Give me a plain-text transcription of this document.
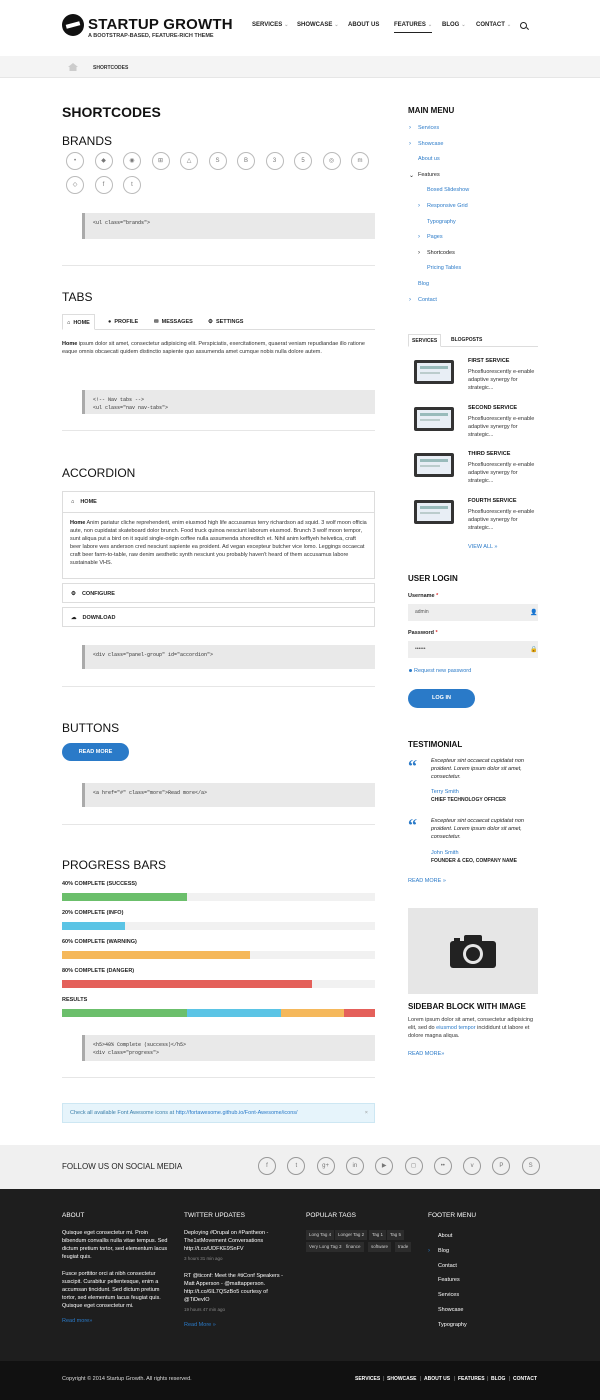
STARTUP GROWTH
A BOOTSTRAP-BASED, FEATURE-RICH THEME
SERVICES ⌄ SHOWCASE ⌄ ABOUT US FEATURES ⌄ BLOG ⌄ CONTACT ⌄
SHORTCODES
SHORTCODES
BRANDS
•	◆	◉	⊞	△	S	B	3	5	◎	m
◇	f	t
<ul class="brands">
TABS
⌂ HOME	● PROFILE	✉ MESSAGES	⚙ SETTINGS
Home ipsum dolor sit amet, consectetur adipisicing elit. Perspiciatis, exercitationem, quaerat veniam repudiandae illo ratione eaque omnis obcaecati quidem distinctio sapiente quo assumenda amet cumque nobis nulla dolore autem.
<!-- Nav tabs -->
<ul class="nav nav-tabs">
ACCORDION
⌂ HOME
Home Anim pariatur cliche reprehenderit, enim eiusmod high life accusamus terry richardson ad squid. 3 wolf moon officia aute, non cupidatat skateboard dolor brunch. Food truck quinoa nesciunt laborum eiusmod. Brunch 3 wolf moon tempor, sunt aliqua put a bird on it squid single-origin coffee nulla assumenda shoreditch et. Nihil anim keffiyeh helvetica, craft beer labore wes anderson cred nesciunt sapiente ea proident. Ad vegan excepteur butcher vice lomo. Leggings occaecat craft beer farm-to-table, raw denim aesthetic synth nesciunt you probably haven't heard of them accusamus labore sustainable VHS.
⚙ CONFIGURE
☁ DOWNLOAD
<div class="panel-group" id="accordion">
BUTTONS
READ MORE
<a href="#" class="more">Read more</a>
PROGRESS BARS
40% COMPLETE (SUCCESS)
20% COMPLETE (INFO)
60% COMPLETE (WARNING)
80% COMPLETE (DANGER)
RESULTS
<h5>40% Complete (success)</h5>
<div class="progress">
Check all available Font Awesome icons at http://fortawesome.github.io/Font-Awesome/icons/	×
MAIN MENU
› Services
› Showcase
About us
⌄ Features
Boxed Slideshow
› Responsive Grid
Typography
› Pages
› Shortcodes
Pricing Tables
Blog
› Contact
SERVICES	BLOGPOSTS
FIRST SERVICE
Phosfluorescently e-enable adaptive synergy for strategic...
SECOND SERVICE
Phosfluorescently e-enable adaptive synergy for strategic...
THIRD SERVICE
Phosfluorescently e-enable adaptive synergy for strategic...
FOURTH SERVICE
Phosfluorescently e-enable adaptive synergy for strategic...
VIEW ALL »
USER LOGIN
Username *
admin	👤
Password *
••••••	🔒
Request new password
LOG IN
TESTIMONIAL
“	Excepteur sint occaecat cupidatat non proident. Lorem ipsum dolor sit amet, consectetur.
Terry Smith
CHIEF TECHNOLOGY OFFICER
“	Excepteur sint occaecat cupidatat non proident. Lorem ipsum dolor sit amet, consectetur.
John Smith
FOUNDER & CEO, COMPANY NAME
READ MORE »
SIDEBAR BLOCK WITH IMAGE
Lorem ipsum dolor sit amet, consectetur adipisicing elit, sed do eiusmod tempor incididunt ut labore et dolore magna aliqua.
READ MORE»
FOLLOW US ON SOCIAL MEDIA	f	t	g+	in	▶	◻	••	v	P	S
ABOUT
Quisque eget consectetur mi. Proin bibendum convallis nulla vitae tempus. Sed dictum pretium tortor, sed elementum lacus feugiat quis.
Fusce porttitor orci at nibh consectetur suscipit. Curabitur pellentesque, enim a accumsan tincidunt. Sed dictum pretium tortor, sed elementum lacus feugiat quis. Quisque eget consectetur mi.
Read more»
TWITTER UPDATES
Deploying #Drupal on #Pantheon - The1stMovement Conversations http://t.co/UDFKE9SnFV
3 hours 31 min ago
RT @ticonf: Meet the #tiConf Speakers - Matt Apperson - @mattapperson. http://t.co/6IL7QSzBo5 courtesy of @TiDevIO
19 hours 47 min ago
Read More »
POPULAR TAGS
Long Tag 4	Longer Tag 2	Tag 1	Tag 5
Very Long Tag 3	finance	software	trade
FOOTER MENU
About
› Blog
Contact
Features
Services
Showcase
Typography
Copyright © 2014 Startup Growth. All rights reserved.	SERVICES | SHOWCASE | ABOUT US | FEATURES | BLOG | CONTACT
